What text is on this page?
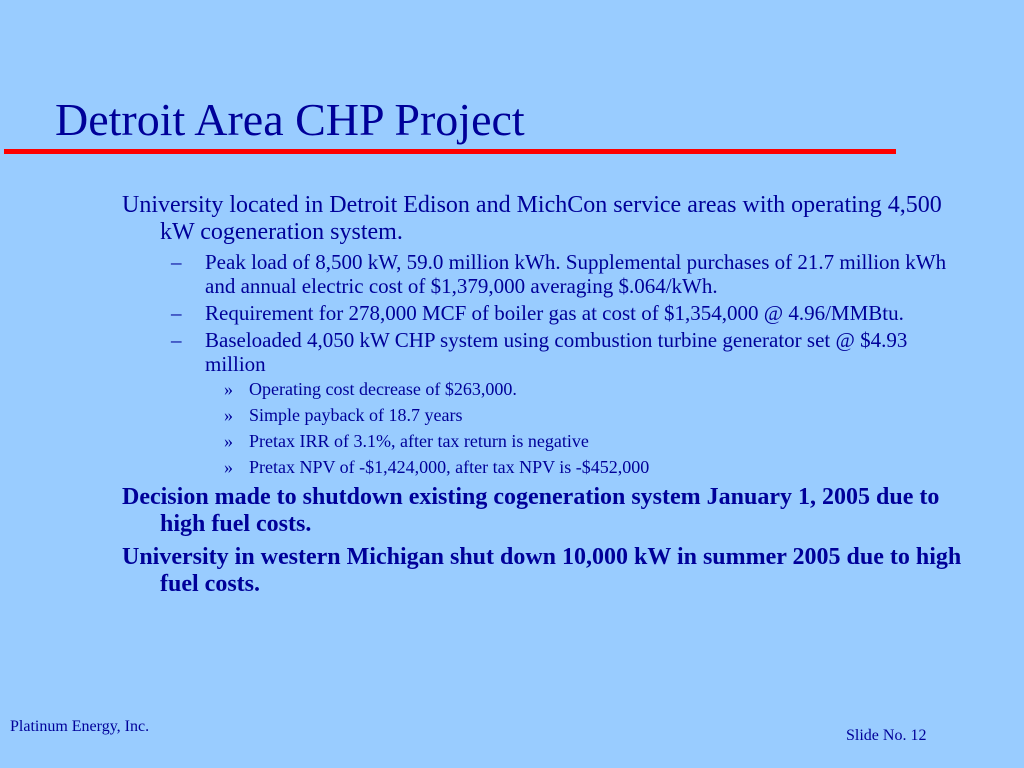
Detroit Area CHP Project
University located in Detroit Edison and MichCon service areas with operating 4,500 kW cogeneration system.
– Peak load of 8,500 kW, 59.0 million kWh. Supplemental purchases of 21.7 million kWh and annual electric cost of $1,379,000 averaging $.064/kWh.
– Requirement for 278,000 MCF of boiler gas at cost of $1,354,000 @ 4.96/MMBtu.
– Baseloaded 4,050 kW CHP system using combustion turbine generator set @ $4.93 million
» Operating cost decrease of $263,000.
» Simple payback of 18.7 years
» Pretax IRR of 3.1%, after tax return is negative
» Pretax NPV of -$1,424,000, after tax NPV is -$452,000
Decision made to shutdown existing cogeneration system January 1, 2005 due to high fuel costs.
University in western Michigan shut down 10,000 kW in summer 2005 due to high fuel costs.
Platinum Energy, Inc.
Slide No. 12
